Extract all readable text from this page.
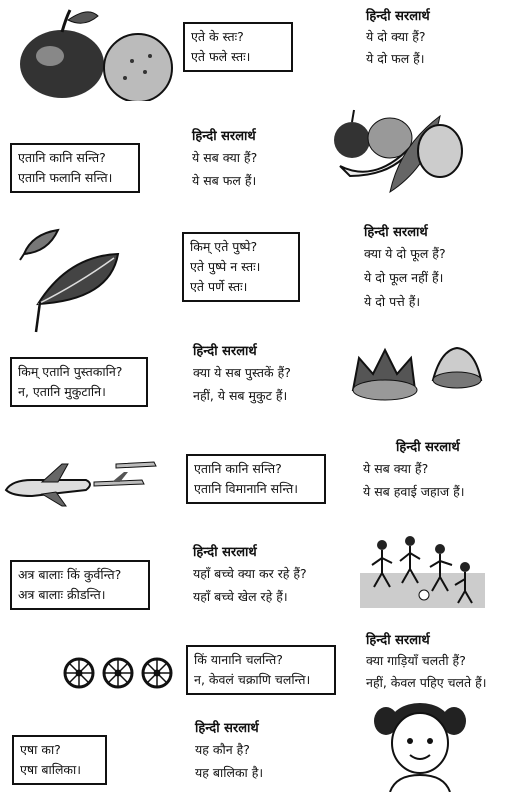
एते के स्तः?
एते फले स्तः।
हिन्दी सरलार्थ
ये दो क्या हैं?
ये दो फल हैं।
एतानि कानि सन्ति?
एतानि फलानि सन्ति।
हिन्दी सरलार्थ
ये सब क्या हैं?
ये सब फल हैं।
किम् एते पुष्पे?
एते पुष्पे न स्तः।
एते पर्णे स्तः।
हिन्दी सरलार्थ
क्या ये दो फूल हैं?
ये दो फूल नहीं हैं।
ये दो पत्ते हैं।
किम् एतानि पुस्तकानि?
न, एतानि मुकुटानि।
हिन्दी सरलार्थ
क्या ये सब पुस्तकें हैं?
नहीं, ये सब मुकुट हैं।
एतानि कानि सन्ति?
एतानि विमानानि सन्ति।
हिन्दी सरलार्थ
ये सब क्या हैं?
ये सब हवाई जहाज हैं।
अत्र बालाः किं कुर्वन्ति?
अत्र बालाः क्रीडन्ति।
हिन्दी सरलार्थ
यहाँ बच्चे क्या कर रहे हैं?
यहाँ बच्चे खेल रहे हैं।
किं यानानि चलन्ति?
न, केवलं चक्राणि चलन्ति।
हिन्दी सरलार्थ
क्या गाड़ियाँ चलती हैं?
नहीं, केवल पहिए चलते हैं।
एषा का?
एषा बालिका।
हिन्दी सरलार्थ
यह कौन है?
यह बालिका है।
